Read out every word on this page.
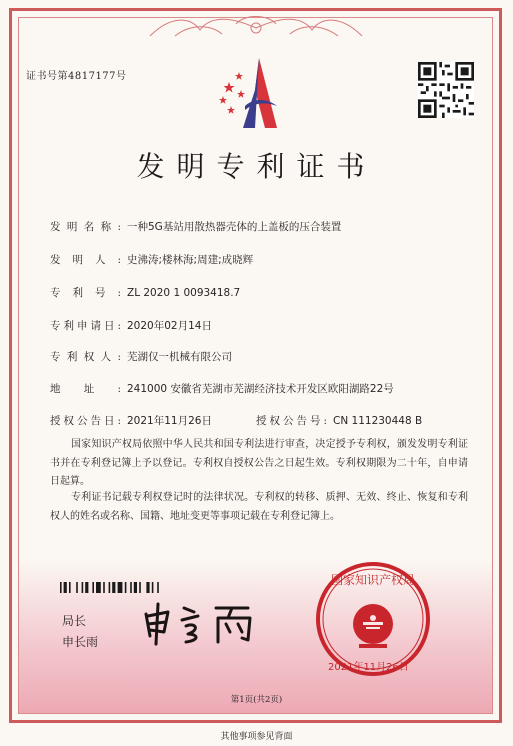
证书号第4817177号
发明专利证书
发明名称: 一种5G基站用散热器壳体的上盖板的压合装置
发明人: 史沸涛;楼林海;周建;成晓辉
专利号: ZL 2020 1 0093418.7
专利申请日: 2020年02月14日
专利权人: 芜湖仅一机械有限公司
地址: 241000 安徽省芜湖市芜湖经济技术开发区欧阳湖路22号
授权公告日: 2021年11月26日	授权公告号: CN 111230448 B
国家知识产权局依照中华人民共和国专利法进行审查，决定授予专利权，颁发发明专利证书并在专利登记簿上予以登记。专利权自授权公告之日起生效。专利权期限为二十年，自申请日起算。
专利证书记载专利权登记时的法律状况。专利权的转移、质押、无效、终止、恢复和专利权人的姓名或名称、国籍、地址变更等事项记载在专利登记簿上。
局长
申长雨
国家知识产权局
2021年11月26日
第1页(共2页)
其他事项参见背面
